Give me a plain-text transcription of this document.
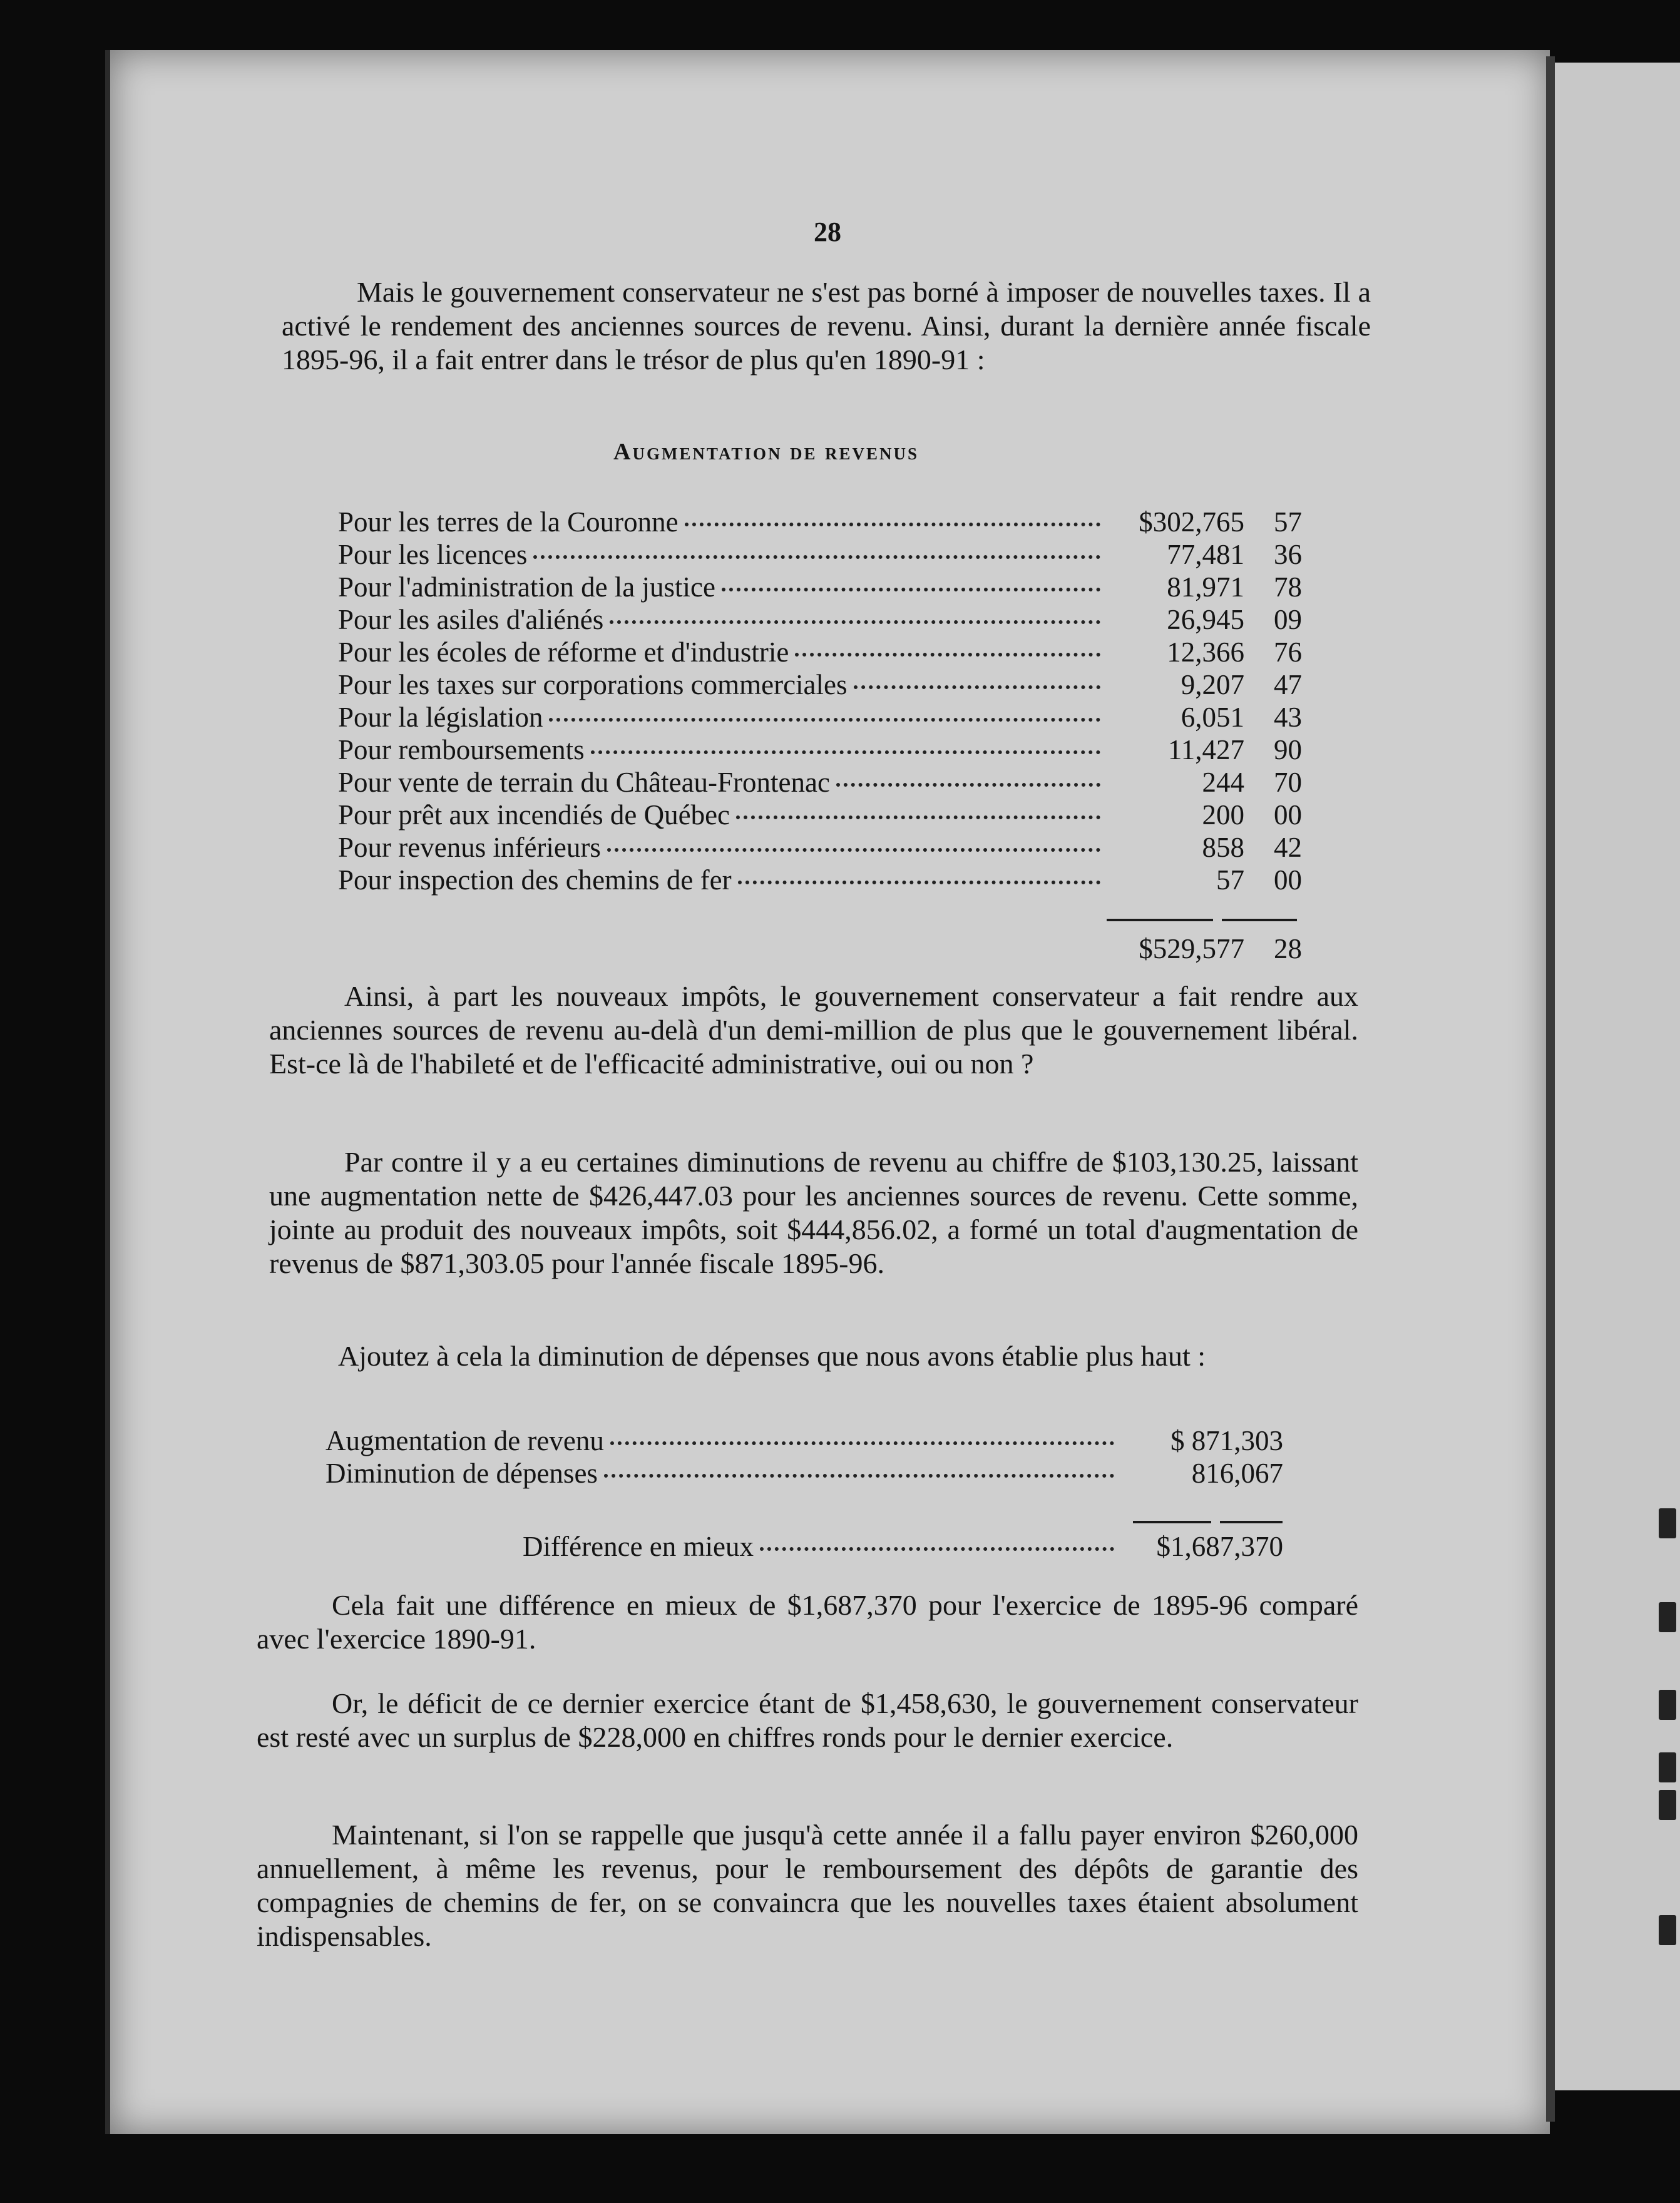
28

Mais le gouvernement conservateur ne s'est pas borné à imposer de nouvelles taxes. Il a activé le rendement des anciennes sources de revenu. Ainsi, durant la dernière année fiscale 1895-96, il a fait entrer dans le trésor de plus qu'en 1890-91 :

Augmentation de revenus
Pour les terres de la Couronne	$302,765	57
Pour les licences	77,481	36
Pour l'administration de la justice	81,971	78
Pour les asiles d'aliénés	26,945	09
Pour les écoles de réforme et d'industrie	12,366	76
Pour les taxes sur corporations commerciales	9,207	47
Pour la législation	6,051	43
Pour remboursements	11,427	90
Pour vente de terrain du Château-Frontenac	244	70
Pour prêt aux incendiés de Québec	200	00
Pour revenus inférieurs	858	42
Pour inspection des chemins de fer	57	00
$529,577	28

Ainsi, à part les nouveaux impôts, le gouvernement conservateur a fait rendre aux anciennes sources de revenu au-delà d'un demi-million de plus que le gouvernement libéral. Est-ce là de l'habileté et de l'efficacité administrative, oui ou non ?

Par contre il y a eu certaines diminutions de revenu au chiffre de $103,130.25, laissant une augmentation nette de $426,447.03 pour les anciennes sources de revenu. Cette somme, jointe au produit des nouveaux impôts, soit $444,856.02, a formé un total d'augmentation de revenus de $871,303.05 pour l'année fiscale 1895-96.

Ajoutez à cela la diminution de dépenses que nous avons établie plus haut :

Augmentation de revenu	$ 871,303
Diminution de dépenses	816,067
Différence en mieux	$1,687,370

Cela fait une différence en mieux de $1,687,370 pour l'exercice de 1895-96 comparé avec l'exercice 1890-91.

Or, le déficit de ce dernier exercice étant de $1,458,630, le gouvernement conservateur est resté avec un surplus de $228,000 en chiffres ronds pour le dernier exercice.

Maintenant, si l'on se rappelle que jusqu'à cette année il a fallu payer environ $260,000 annuellement, à même les revenus, pour le remboursement des dépôts de garantie des compagnies de chemins de fer, on se convaincra que les nouvelles taxes étaient absolument indispensables.
